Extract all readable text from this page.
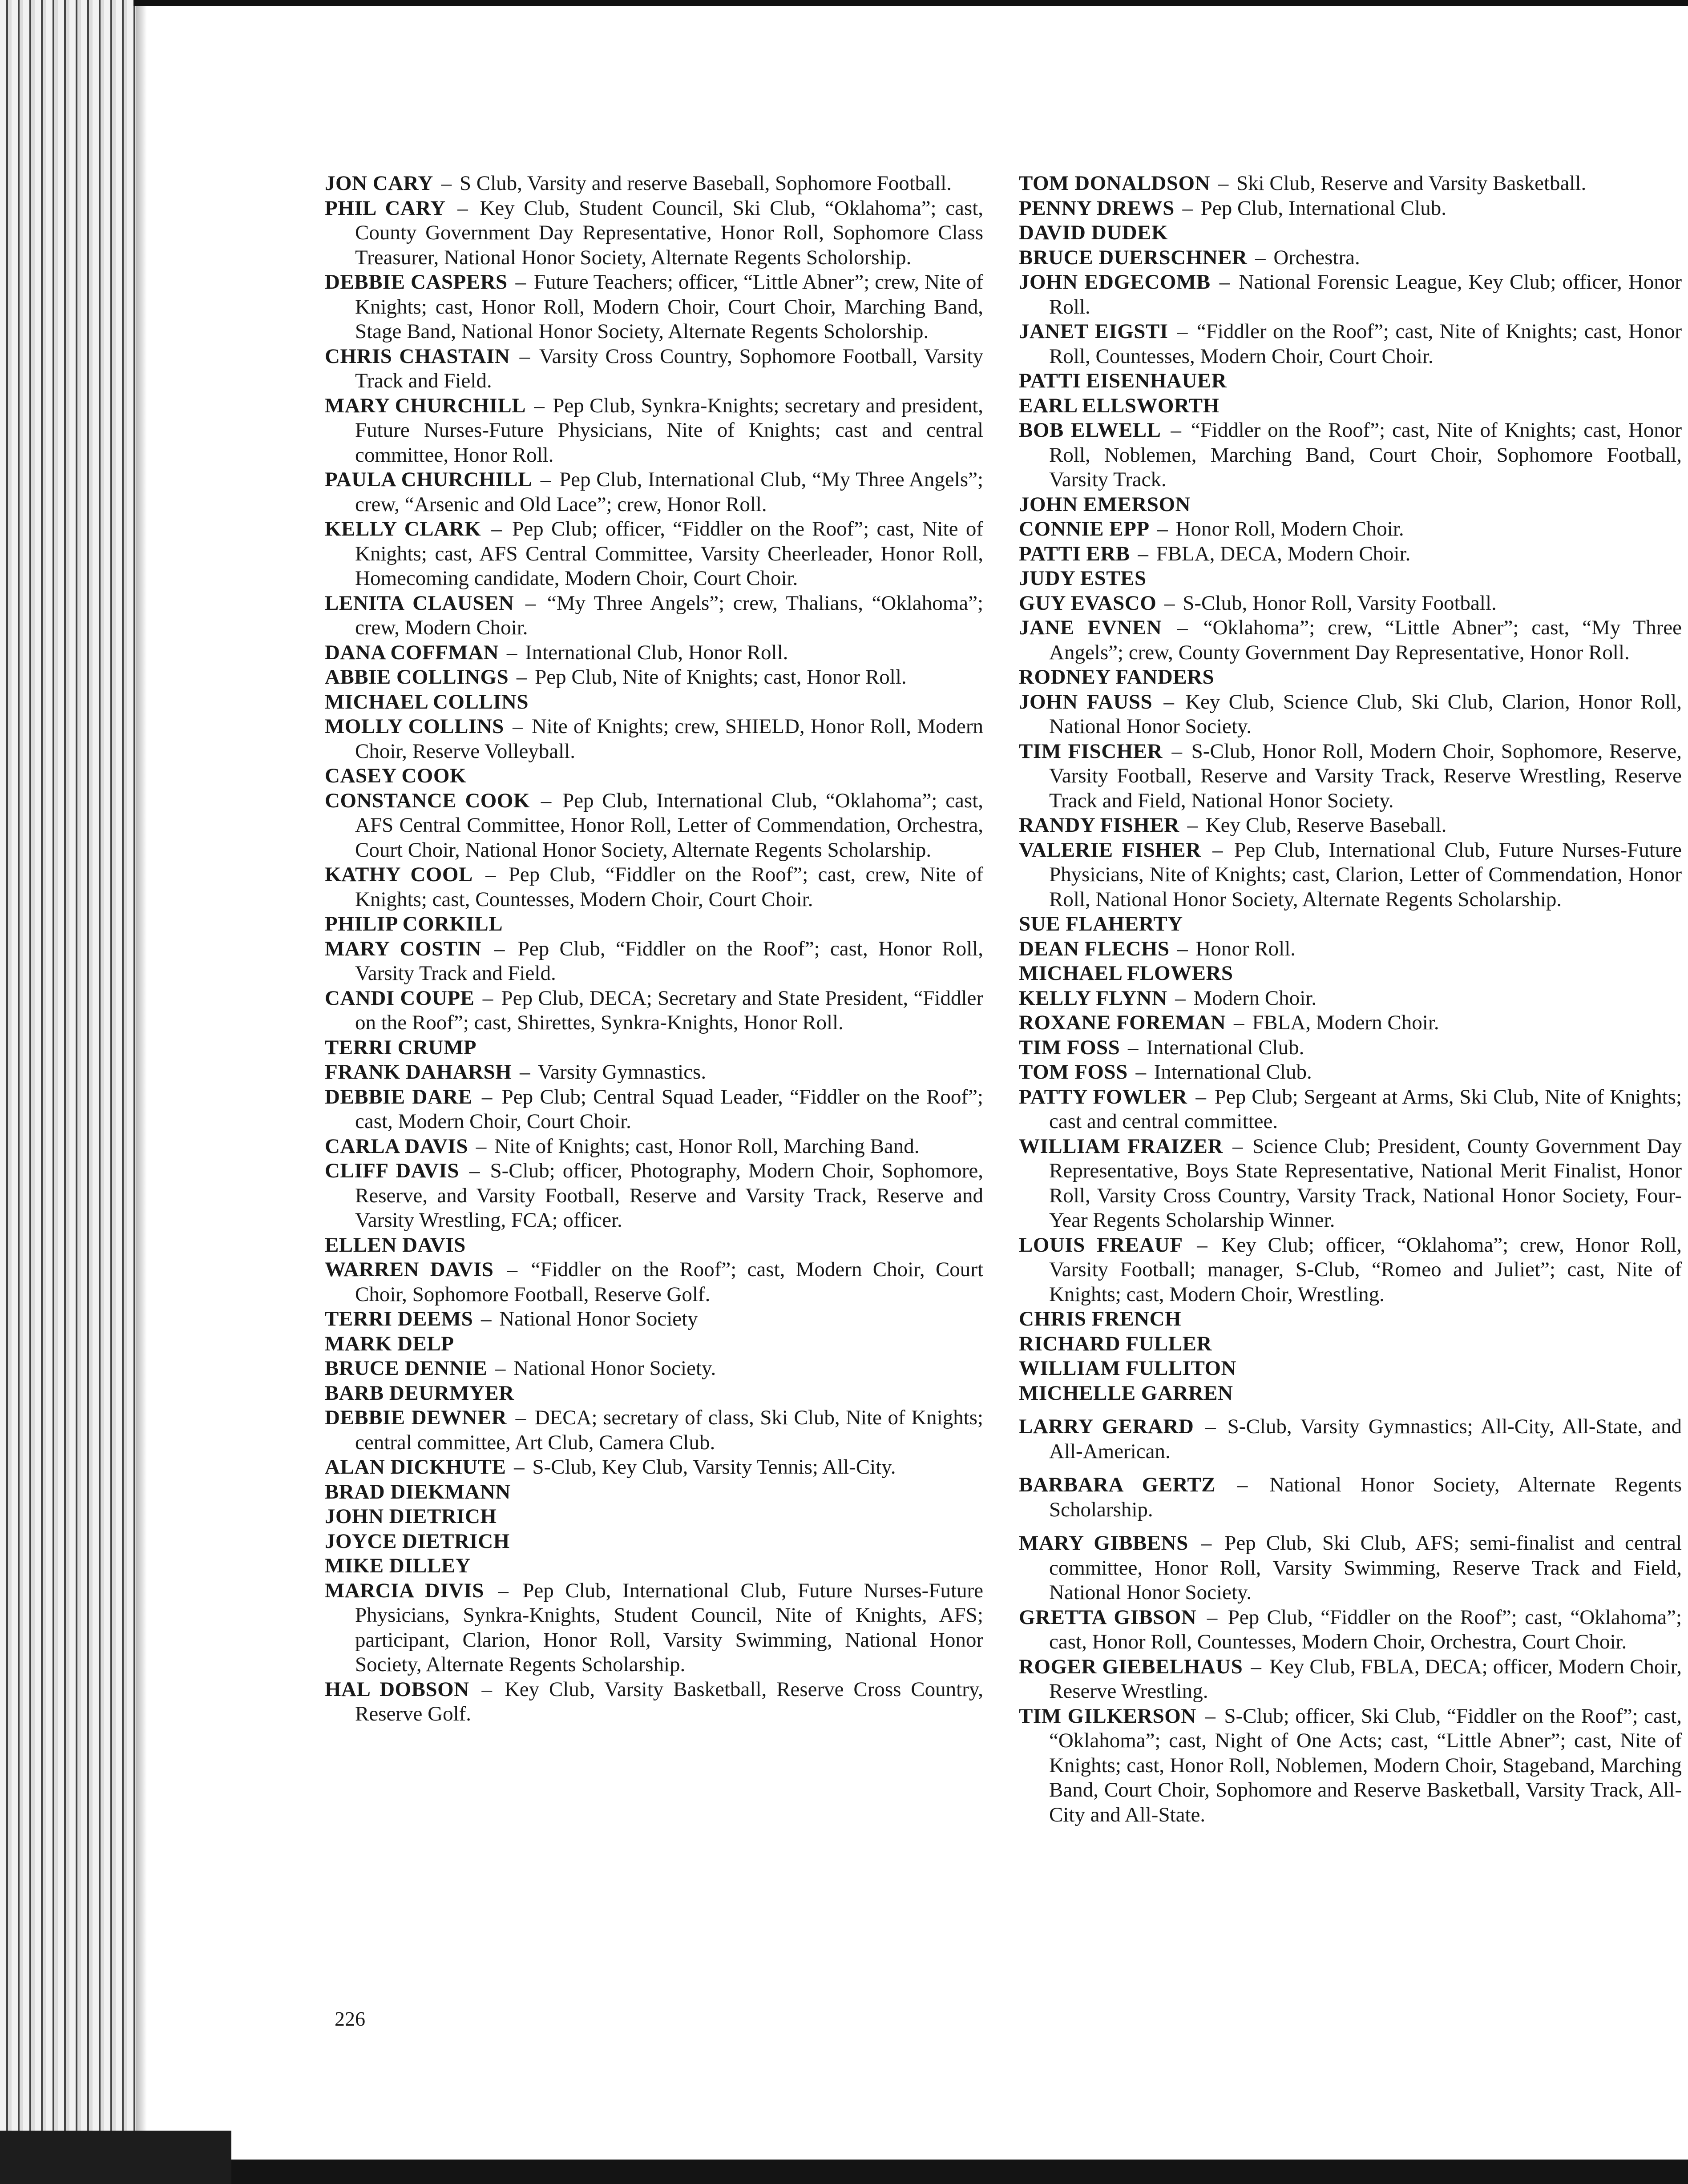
JON CARY – S Club, Varsity and reserve Baseball, Sophomore Football.

PHIL CARY – Key Club, Student Council, Ski Club, “Oklahoma”; cast, County Government Day Representative, Honor Roll, Sophomore Class Treasurer, National Honor Society, Alternate Regents Scholorship.

DEBBIE CASPERS – Future Teachers; officer, “Little Abner”; crew, Nite of Knights; cast, Honor Roll, Modern Choir, Court Choir, Marching Band, Stage Band, National Honor Society, Alternate Regents Scholorship.

CHRIS CHASTAIN – Varsity Cross Country, Sophomore Football, Varsity Track and Field.

MARY CHURCHILL – Pep Club, Synkra-Knights; secretary and president, Future Nurses-Future Physicians, Nite of Knights; cast and central committee, Honor Roll.

PAULA CHURCHILL – Pep Club, International Club, “My Three Angels”; crew, “Arsenic and Old Lace”; crew, Honor Roll.

KELLY CLARK – Pep Club; officer, “Fiddler on the Roof”; cast, Nite of Knights; cast, AFS Central Committee, Varsity Cheerleader, Honor Roll, Homecoming candidate, Modern Choir, Court Choir.

LENITA CLAUSEN – “My Three Angels”; crew, Thalians, “Oklahoma”; crew, Modern Choir.

DANA COFFMAN – International Club, Honor Roll.

ABBIE COLLINGS – Pep Club, Nite of Knights; cast, Honor Roll.

MICHAEL COLLINS

MOLLY COLLINS – Nite of Knights; crew, SHIELD, Honor Roll, Modern Choir, Reserve Volleyball.

CASEY COOK

CONSTANCE COOK – Pep Club, International Club, “Oklahoma”; cast, AFS Central Committee, Honor Roll, Letter of Commendation, Orchestra, Court Choir, National Honor Society, Alternate Regents Scholarship.

KATHY COOL – Pep Club, “Fiddler on the Roof”; cast, crew, Nite of Knights; cast, Countesses, Modern Choir, Court Choir.

PHILIP CORKILL

MARY COSTIN – Pep Club, “Fiddler on the Roof”; cast, Honor Roll, Varsity Track and Field.

CANDI COUPE – Pep Club, DECA; Secretary and State President, “Fiddler on the Roof”; cast, Shirettes, Synkra-Knights, Honor Roll.

TERRI CRUMP

FRANK DAHARSH – Varsity Gymnastics.

DEBBIE DARE – Pep Club; Central Squad Leader, “Fiddler on the Roof”; cast, Modern Choir, Court Choir.

CARLA DAVIS – Nite of Knights; cast, Honor Roll, Marching Band.

CLIFF DAVIS – S-Club; officer, Photography, Modern Choir, Sophomore, Reserve, and Varsity Football, Reserve and Varsity Track, Reserve and Varsity Wrestling, FCA; officer.

ELLEN DAVIS

WARREN DAVIS – “Fiddler on the Roof”; cast, Modern Choir, Court Choir, Sophomore Football, Reserve Golf.

TERRI DEEMS – National Honor Society

MARK DELP

BRUCE DENNIE – National Honor Society.

BARB DEURMYER

DEBBIE DEWNER – DECA; secretary of class, Ski Club, Nite of Knights; central committee, Art Club, Camera Club.

ALAN DICKHUTE – S-Club, Key Club, Varsity Tennis; All-City.

BRAD DIEKMANN

JOHN DIETRICH

JOYCE DIETRICH

MIKE DILLEY

MARCIA DIVIS – Pep Club, International Club, Future Nurses-Future Physicians, Synkra-Knights, Student Council, Nite of Knights, AFS; participant, Clarion, Honor Roll, Varsity Swimming, National Honor Society, Alternate Regents Scholarship.

HAL DOBSON – Key Club, Varsity Basketball, Reserve Cross Country, Reserve Golf.

TOM DONALDSON – Ski Club, Reserve and Varsity Basketball.

PENNY DREWS – Pep Club, International Club.

DAVID DUDEK

BRUCE DUERSCHNER – Orchestra.

JOHN EDGECOMB – National Forensic League, Key Club; officer, Honor Roll.

JANET EIGSTI – “Fiddler on the Roof”; cast, Nite of Knights; cast, Honor Roll, Countesses, Modern Choir, Court Choir.

PATTI EISENHAUER

EARL ELLSWORTH

BOB ELWELL – “Fiddler on the Roof”; cast, Nite of Knights; cast, Honor Roll, Noblemen, Marching Band, Court Choir, Sophomore Football, Varsity Track.

JOHN EMERSON

CONNIE EPP – Honor Roll, Modern Choir.

PATTI ERB – FBLA, DECA, Modern Choir.

JUDY ESTES

GUY EVASCO – S-Club, Honor Roll, Varsity Football.

JANE EVNEN – “Oklahoma”; crew, “Little Abner”; cast, “My Three Angels”; crew, County Government Day Representative, Honor Roll.

RODNEY FANDERS

JOHN FAUSS – Key Club, Science Club, Ski Club, Clarion, Honor Roll, National Honor Society.

TIM FISCHER – S-Club, Honor Roll, Modern Choir, Sophomore, Reserve, Varsity Football, Reserve and Varsity Track, Reserve Wrestling, Reserve Track and Field, National Honor Society.

RANDY FISHER – Key Club, Reserve Baseball.

VALERIE FISHER – Pep Club, International Club, Future Nurses-Future Physicians, Nite of Knights; cast, Clarion, Letter of Commendation, Honor Roll, National Honor Society, Alternate Regents Scholarship.

SUE FLAHERTY

DEAN FLECHS – Honor Roll.

MICHAEL FLOWERS

KELLY FLYNN – Modern Choir.

ROXANE FOREMAN – FBLA, Modern Choir.

TIM FOSS – International Club.

TOM FOSS – International Club.

PATTY FOWLER – Pep Club; Sergeant at Arms, Ski Club, Nite of Knights; cast and central committee.

WILLIAM FRAIZER – Science Club; President, County Government Day Representative, Boys State Representative, National Merit Finalist, Honor Roll, Varsity Cross Country, Varsity Track, National Honor Society, Four-Year Regents Scholarship Winner.

LOUIS FREAUF – Key Club; officer, “Oklahoma”; crew, Honor Roll, Varsity Football; manager, S-Club, “Romeo and Juliet”; cast, Nite of Knights; cast, Modern Choir, Wrestling.

CHRIS FRENCH

RICHARD FULLER

WILLIAM FULLITON

MICHELLE GARREN

LARRY GERARD – S-Club, Varsity Gymnastics; All-City, All-State, and All-American.

BARBARA GERTZ – National Honor Society, Alternate Regents Scholarship.

MARY GIBBENS – Pep Club, Ski Club, AFS; semi-finalist and central committee, Honor Roll, Varsity Swimming, Reserve Track and Field, National Honor Society.

GRETTA GIBSON – Pep Club, “Fiddler on the Roof”; cast, “Oklahoma”; cast, Honor Roll, Countesses, Modern Choir, Orchestra, Court Choir.

ROGER GIEBELHAUS – Key Club, FBLA, DECA; officer, Modern Choir, Reserve Wrestling.

TIM GILKERSON – S-Club; officer, Ski Club, “Fiddler on the Roof”; cast, “Oklahoma”; cast, Night of One Acts; cast, “Little Abner”; cast, Nite of Knights; cast, Honor Roll, Noblemen, Modern Choir, Stageband, Marching Band, Court Choir, Sophomore and Reserve Basketball, Varsity Track, All-City and All-State.

226
